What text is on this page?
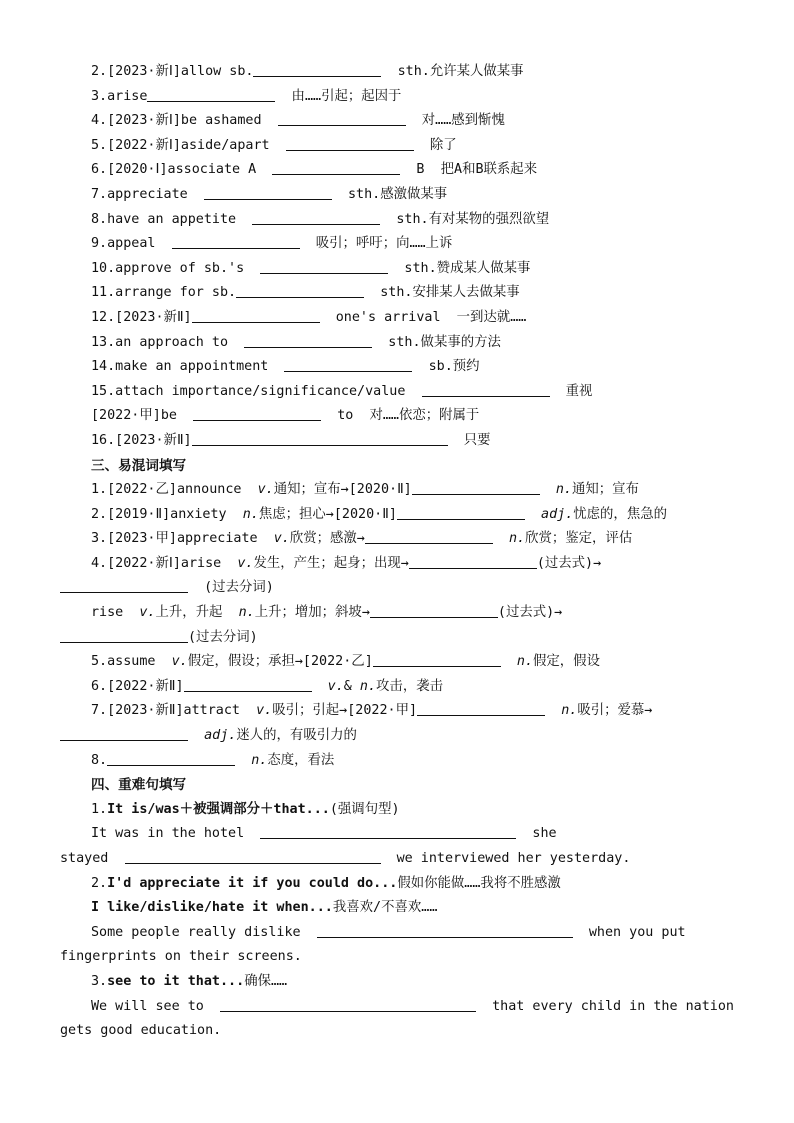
2.[2023·新Ⅰ]allow sb.	sth.允许某人做某事
3.arise	由……引起；起因于
4.[2023·新Ⅰ]be ashamed	对……感到惭愧
5.[2022·新Ⅰ]aside/apart	除了
6.[2020·Ⅰ]associate A	B  把A和B联系起来
7.appreciate	sth.感激做某事
8.have an appetite	sth.有对某物的强烈欲望
9.appeal	吸引；呼吁；向……上诉
10.approve of sb.'s	sth.赞成某人做某事
11.arrange for sb.	sth.安排某人去做某事
12.[2023·新Ⅱ]	one's arrival  一到达就……
13.an approach to	sth.做某事的方法
14.make an appointment	sb.预约
15.attach importance/significance/value	重视
[2022·甲]be	to  对……依恋；附属于
16.[2023·新Ⅱ]	只要
三、易混词填写
1.[2022·乙]announce  v.通知；宣布→[2020·Ⅱ]	n.通知；宣布
2.[2019·Ⅱ]anxiety  n.焦虑；担心→[2020·Ⅱ]	adj.忧虑的，焦急的
3.[2023·甲]appreciate  v.欣赏；感激→	n.欣赏；鉴定，评估
4.[2022·新Ⅰ]arise  v.发生，产生；起身；出现→	(过去式)→
(过去分词)
rise  v.上升，升起  n.上升；增加；斜坡→	(过去式)→
(过去分词)
5.assume  v.假定，假设；承担→[2022·乙]	n.假定，假设
6.[2022·新Ⅱ]	v.& n.攻击，袭击
7.[2023·新Ⅱ]attract  v.吸引；引起→[2022·甲]	n.吸引；爱慕→
adj.迷人的，有吸引力的
8.	n.态度，看法
四、重难句填写
1.It is/was＋被强调部分＋that...(强调句型)
It was in the hotel	she
stayed	we interviewed her yesterday.
2.I'd appreciate it if you could do...假如你能做……我将不胜感激
I like/dislike/hate it when...我喜欢/不喜欢……
Some people really dislike	when you put
fingerprints on their screens.
3.see to it that...确保……
We will see to	that every child in the nation
gets good education.
